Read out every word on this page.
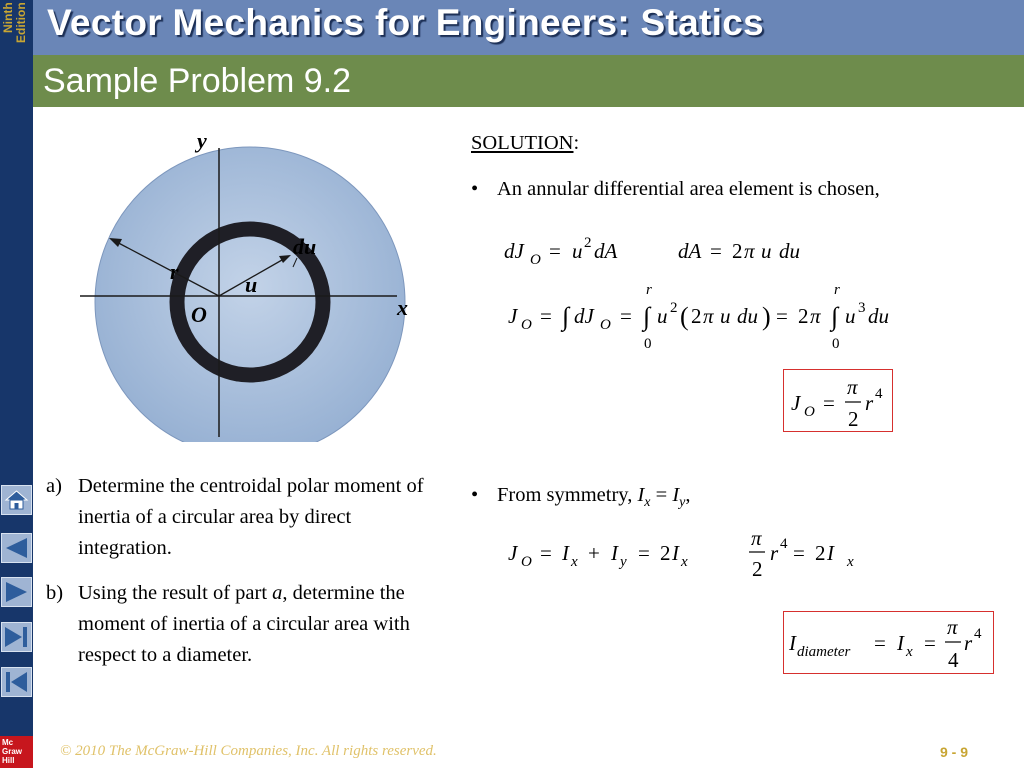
Ninth
Edition
Mc
Graw
Hill
Vector Mechanics for Engineers: Statics
Sample Problem 9.2
y
x
O
r
u
du
a) Determine the centroidal polar moment of inertia of a circular area by direct integration.
b) Using the result of part a, determine the moment of inertia of a circular area with respect to a diameter.
SOLUTION:
• An annular differential area element is chosen,
dJ O = u 2 dA	dA = 2 π u du
J O = ∫ dJ O =
r
∫
0
u 2 ( 2 π u du ) = 2 π
r
∫
0
u 3 du
J O =
π
2
r 4
• From symmetry, $I_x = I_y$,
J O = I x + I y = 2 I x
π
2
r 4 = 2 I x
I diameter = I x =
π
4
r 4
© 2010 The McGraw-Hill Companies, Inc. All rights reserved.	9 - 9
